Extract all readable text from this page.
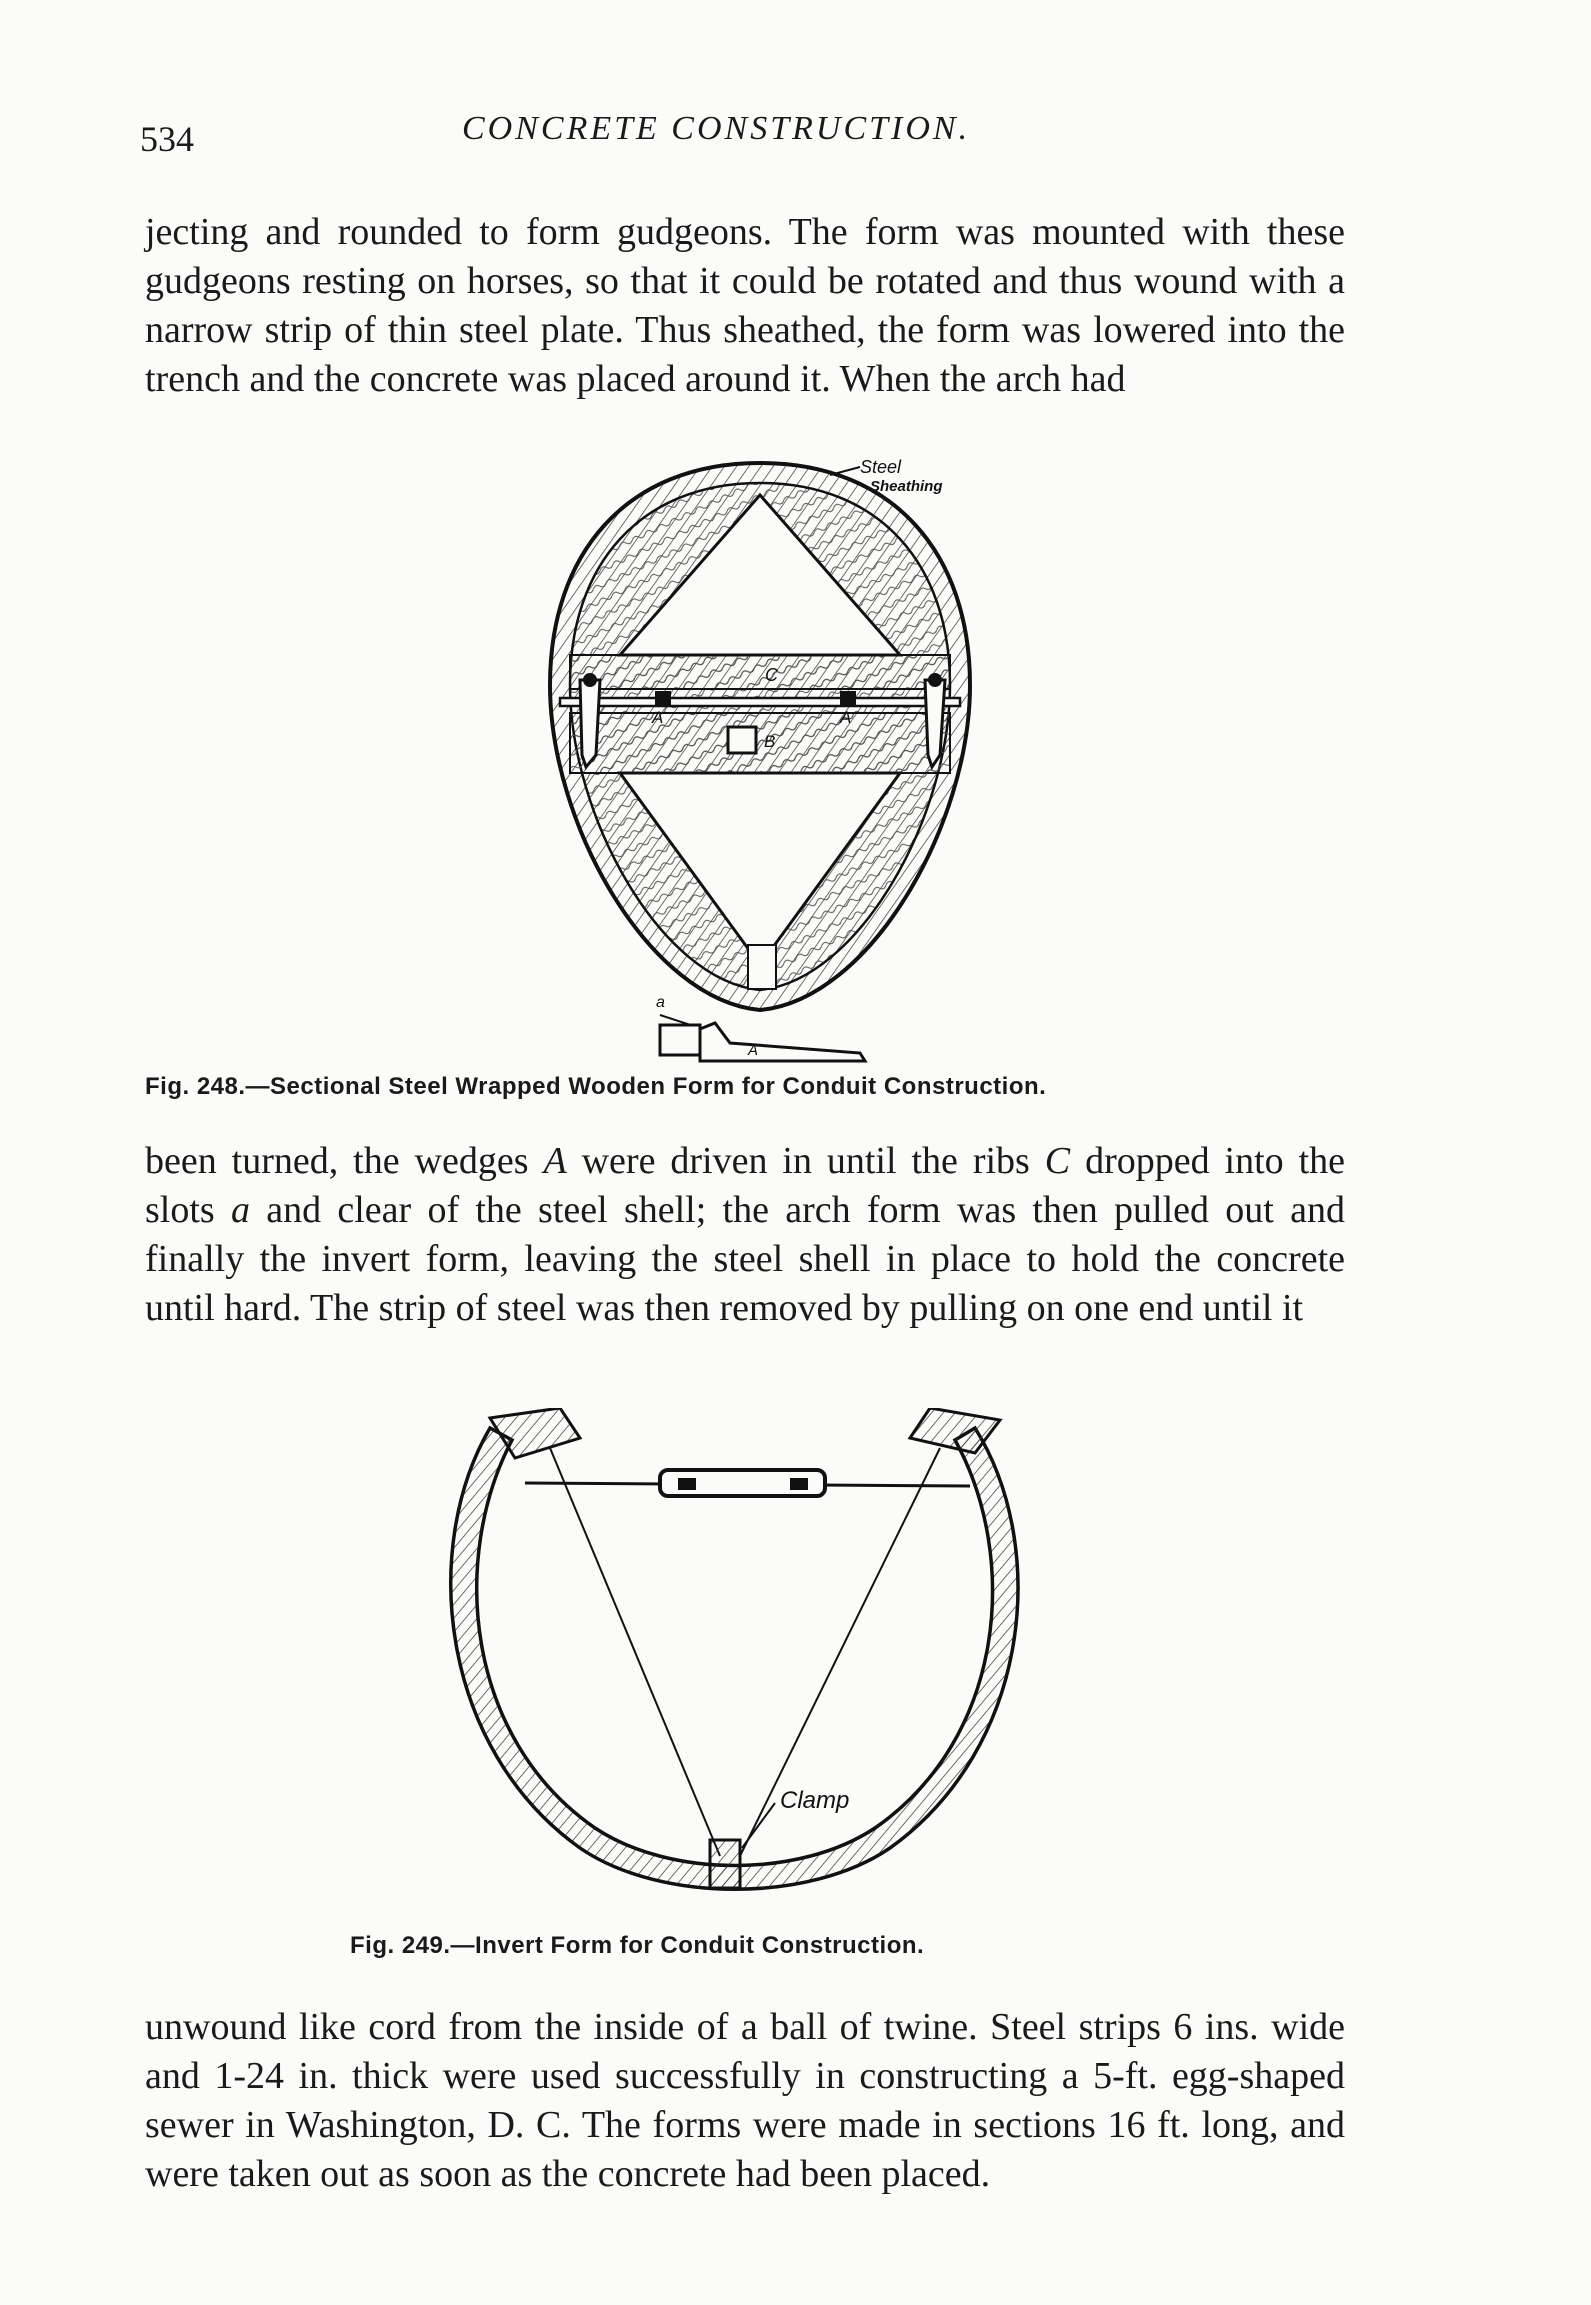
534	CONCRETE CONSTRUCTION.

jecting and rounded to form gudgeons. The form was mounted with these gudgeons resting on horses, so that it could be rotated and thus wound with a narrow strip of thin steel plate. Thus sheathed, the form was lowered into the trench and the concrete was placed around it. When the arch had

Steel
Sheathing
C
A	A
B
a
A
Fig. 248.—Sectional Steel Wrapped Wooden Form for Conduit Construction.

been turned, the wedges A were driven in until the ribs C dropped into the slots a and clear of the steel shell; the arch form was then pulled out and finally the invert form, leaving the steel shell in place to hold the concrete until hard. The strip of steel was then removed by pulling on one end until it

Clamp
Fig. 249.—Invert Form for Conduit Construction.

unwound like cord from the inside of a ball of twine. Steel strips 6 ins. wide and 1-24 in. thick were used successfully in constructing a 5-ft. egg-shaped sewer in Washington, D. C. The forms were made in sections 16 ft. long, and were taken out as soon as the concrete had been placed.
